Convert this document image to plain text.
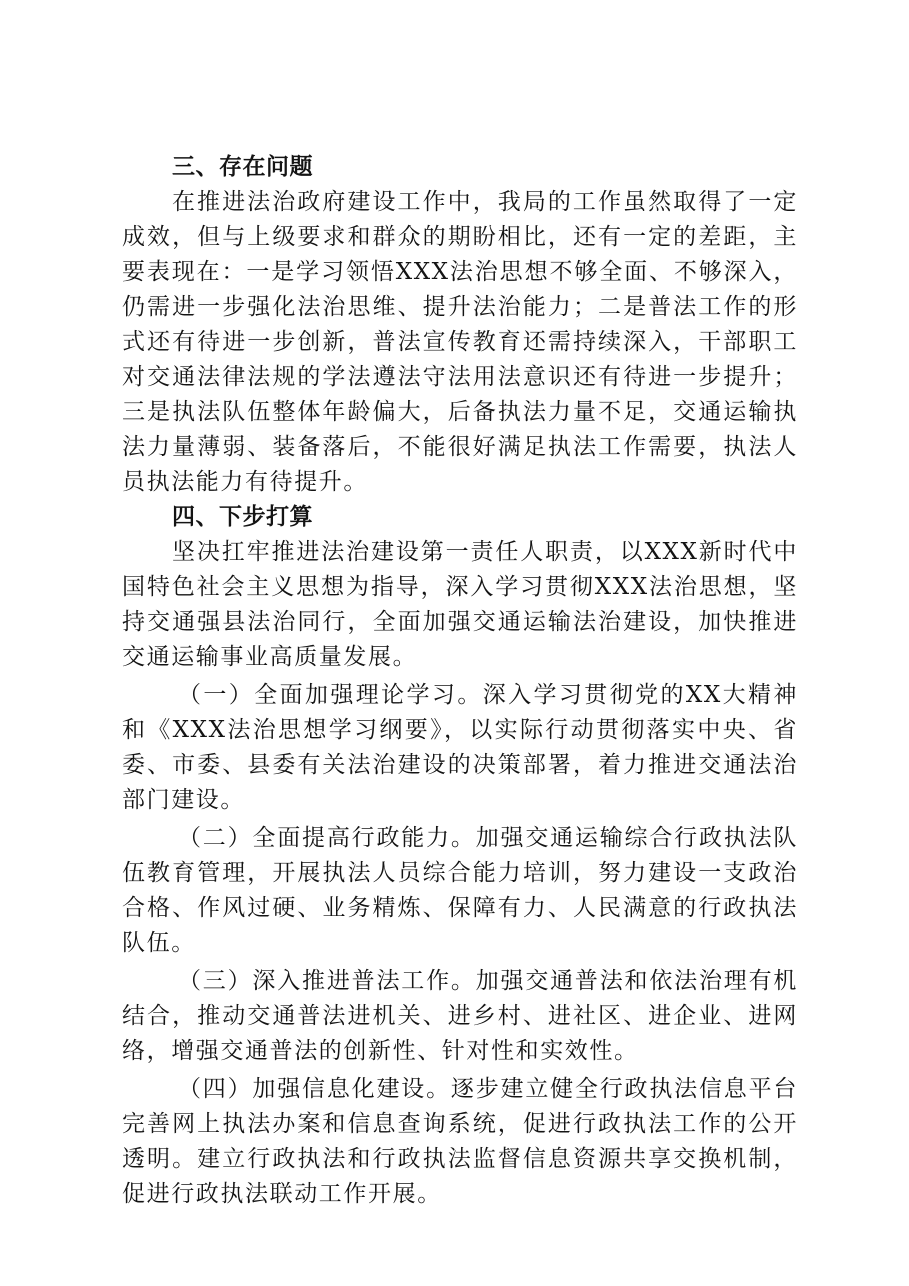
三、存在问题

在推进法治政府建设工作中，我局的工作虽然取得了一定成效，但与上级要求和群众的期盼相比，还有一定的差距，主要表现在：一是学习领悟XXX法治思想不够全面、不够深入，仍需进一步强化法治思维、提升法治能力；二是普法工作的形式还有待进一步创新，普法宣传教育还需持续深入，干部职工对交通法律法规的学法遵法守法用法意识还有待进一步提升；三是执法队伍整体年龄偏大，后备执法力量不足，交通运输执法力量薄弱、装备落后，不能很好满足执法工作需要，执法人员执法能力有待提升。

四、下步打算

坚决扛牢推进法治建设第一责任人职责，以XXX新时代中国特色社会主义思想为指导，深入学习贯彻XXX法治思想，坚持交通强县法治同行，全面加强交通运输法治建设，加快推进交通运输事业高质量发展。

（一）全面加强理论学习。深入学习贯彻党的XX大精神和《XXX法治思想学习纲要》，以实际行动贯彻落实中央、省委、市委、县委有关法治建设的决策部署，着力推进交通法治部门建设。

（二）全面提高行政能力。加强交通运输综合行政执法队伍教育管理，开展执法人员综合能力培训，努力建设一支政治合格、作风过硬、业务精炼、保障有力、人民满意的行政执法队伍。

（三）深入推进普法工作。加强交通普法和依法治理有机结合，推动交通普法进机关、进乡村、进社区、进企业、进网络，增强交通普法的创新性、针对性和实效性。

（四）加强信息化建设。逐步建立健全行政执法信息平台完善网上执法办案和信息查询系统，促进行政执法工作的公开透明。建立行政执法和行政执法监督信息资源共享交换机制，促进行政执法联动工作开展。
